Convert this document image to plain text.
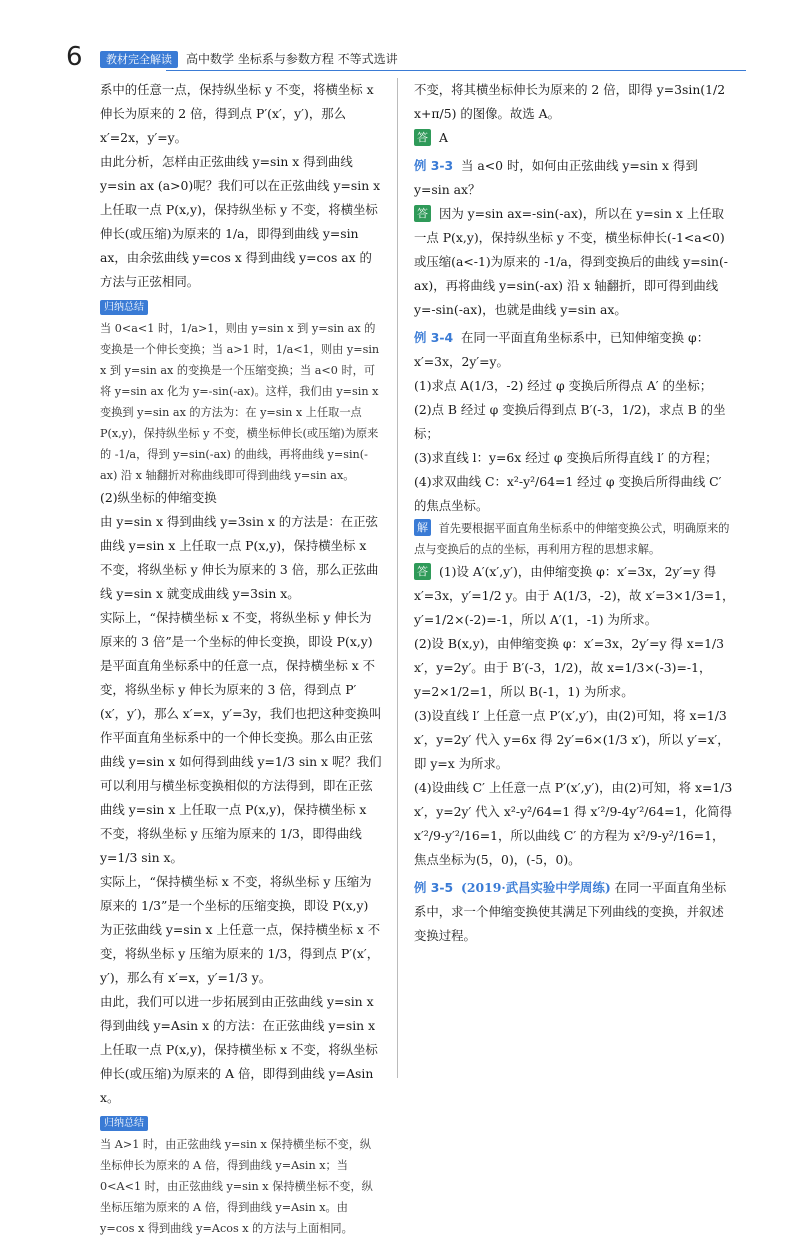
6	教材完全解读	高中数学 坐标系与参数方程 不等式选讲

系中的任意一点，保持纵坐标 y 不变，将横坐标 x 伸长为原来的 2 倍，得到点 P′(x′，y′)，那么 x′=2x，y′=y。

由此分析，怎样由正弦曲线 y=sin x 得到曲线 y=sin ax (a>0)呢？我们可以在正弦曲线 y=sin x 上任取一点 P(x,y)，保持纵坐标 y 不变，将横坐标伸长(或压缩)为原来的 1/a，即得到曲线 y=sin ax，由余弦曲线 y=cos x 得到曲线 y=cos ax 的方法与正弦相同。

归纳总结

当 0<a<1 时，1/a>1，则由 y=sin x 到 y=sin ax 的变换是一个伸长变换；当 a>1 时，1/a<1，则由 y=sin x 到 y=sin ax 的变换是一个压缩变换；当 a<0 时，可将 y=sin ax 化为 y=-sin(-ax)。这样，我们由 y=sin x 变换到 y=sin ax 的方法为：在 y=sin x 上任取一点 P(x,y)，保持纵坐标 y 不变，横坐标伸长(或压缩)为原来的 -1/a，得到 y=sin(-ax) 的曲线，再将曲线 y=sin(-ax) 沿 x 轴翻折对称曲线即可得到曲线 y=sin ax。

(2)纵坐标的伸缩变换

由 y=sin x 得到曲线 y=3sin x 的方法是：在正弦曲线 y=sin x 上任取一点 P(x,y)，保持横坐标 x 不变，将纵坐标 y 伸长为原来的 3 倍，那么正弦曲线 y=sin x 就变成曲线 y=3sin x。

实际上，“保持横坐标 x 不变，将纵坐标 y 伸长为原来的 3 倍”是一个坐标的伸长变换，即设 P(x,y) 是平面直角坐标系中的任意一点，保持横坐标 x 不变，将纵坐标 y 伸长为原来的 3 倍，得到点 P′(x′，y′)，那么 x′=x，y′=3y，我们也把这种变换叫作平面直角坐标系中的一个伸长变换。那么由正弦曲线 y=sin x 如何得到曲线 y=1/3 sin x 呢？我们可以利用与横坐标变换相似的方法得到，即在正弦曲线 y=sin x 上任取一点 P(x,y)，保持横坐标 x 不变，将纵坐标 y 压缩为原来的 1/3，即得曲线 y=1/3 sin x。

实际上，“保持横坐标 x 不变，将纵坐标 y 压缩为原来的 1/3”是一个坐标的压缩变换，即设 P(x,y) 为正弦曲线 y=sin x 上任意一点，保持横坐标 x 不变，将纵坐标 y 压缩为原来的 1/3，得到点 P′(x′，y′)，那么有 x′=x，y′=1/3 y。

由此，我们可以进一步拓展到由正弦曲线 y=sin x 得到曲线 y=Asin x 的方法：在正弦曲线 y=sin x 上任取一点 P(x,y)，保持横坐标 x 不变，将纵坐标伸长(或压缩)为原来的 A 倍，即得到曲线 y=Asin x。

归纳总结

当 A>1 时，由正弦曲线 y=sin x 保持横坐标不变，纵坐标伸长为原来的 A 倍，得到曲线 y=Asin x；当 0<A<1 时，由正弦曲线 y=sin x 保持横坐标不变，纵坐标压缩为原来的 A 倍，得到曲线 y=Asin x。由 y=cos x 得到曲线 y=Acos x 的方法与上面相同。

不变，将其横坐标伸长为原来的 2 倍，即得 y=3sin(1/2 x+π/5) 的图像。故选 A。

答 A

例 3-3 当 a<0 时，如何由正弦曲线 y=sin x 得到 y=sin ax？

答 因为 y=sin ax=-sin(-ax)，所以在 y=sin x 上任取一点 P(x,y)，保持纵坐标 y 不变，横坐标伸长(-1<a<0)或压缩(a<-1)为原来的 -1/a，得到变换后的曲线 y=sin(-ax)，再将曲线 y=sin(-ax) 沿 x 轴翻折，即可得到曲线 y=-sin(-ax)，也就是曲线 y=sin ax。

例 3-4 在同一平面直角坐标系中，已知伸缩变换 φ：x′=3x，2y′=y。

(1)求点 A(1/3，-2) 经过 φ 变换后所得点 A′ 的坐标；

(2)点 B 经过 φ 变换后得到点 B′(-3，1/2)，求点 B 的坐标；

(3)求直线 l：y=6x 经过 φ 变换后所得直线 l′ 的方程；

(4)求双曲线 C：x²-y²/64=1 经过 φ 变换后所得曲线 C′ 的焦点坐标。

解 首先要根据平面直角坐标系中的伸缩变换公式，明确原来的点与变换后的点的坐标，再利用方程的思想求解。

答 (1)设 A′(x′,y′)，由伸缩变换 φ：x′=3x，2y′=y 得 x′=3x，y′=1/2 y。由于 A(1/3，-2)，故 x′=3×1/3=1，y′=1/2×(-2)=-1，所以 A′(1，-1) 为所求。

(2)设 B(x,y)，由伸缩变换 φ：x′=3x，2y′=y 得 x=1/3 x′，y=2y′。由于 B′(-3，1/2)，故 x=1/3×(-3)=-1，y=2×1/2=1，所以 B(-1，1) 为所求。

(3)设直线 l′ 上任意一点 P′(x′,y′)，由(2)可知，将 x=1/3 x′，y=2y′ 代入 y=6x 得 2y′=6×(1/3 x′)，所以 y′=x′，即 y=x 为所求。

(4)设曲线 C′ 上任意一点 P′(x′,y′)，由(2)可知，将 x=1/3 x′，y=2y′ 代入 x²-y²/64=1 得 x′²/9-4y′²/64=1，化简得 x′²/9-y′²/16=1，所以曲线 C′ 的方程为 x²/9-y²/16=1，焦点坐标为(5，0)，(-5，0)。

例 3-5 (2019·武昌实验中学周练) 在同一平面直角坐标系中，求一个伸缩变换使其满足下列曲线的变换，并叙述变换过程。
